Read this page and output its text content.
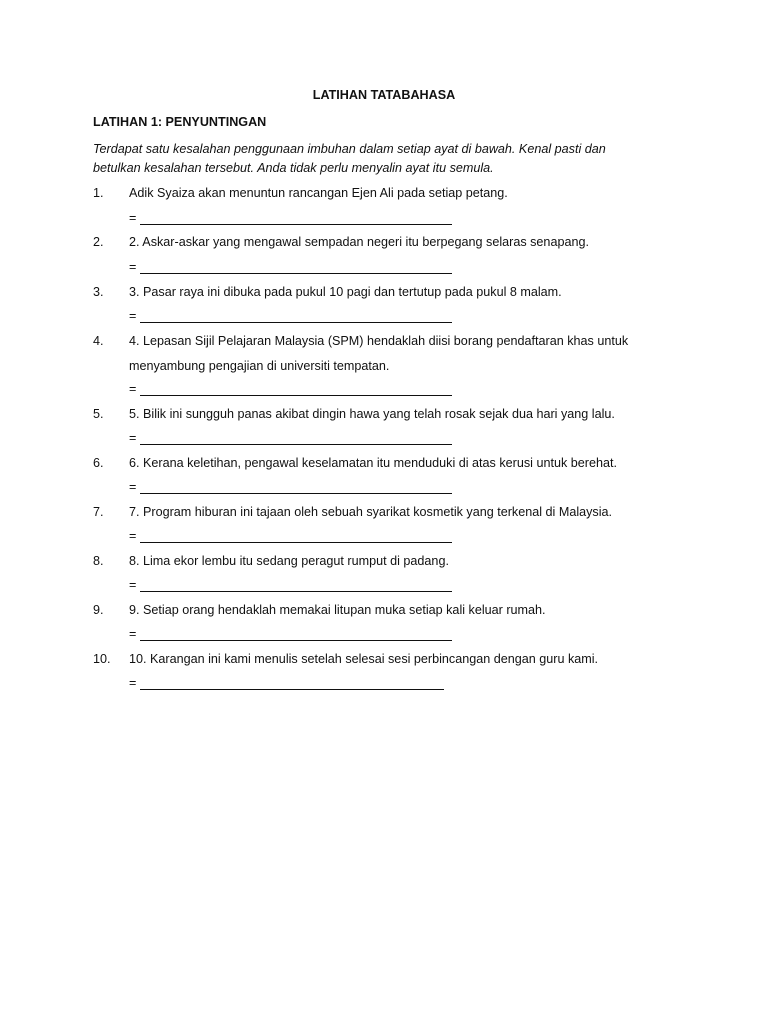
LATIHAN TATABAHASA
LATIHAN 1: PENYUNTINGAN
Terdapat satu kesalahan penggunaan imbuhan dalam setiap ayat di bawah. Kenal pasti dan betulkan kesalahan tersebut. Anda tidak perlu menyalin ayat itu semula.
1. Adik Syaiza akan menuntun rancangan Ejen Ali pada setiap petang.
=
2. 2. Askar-askar yang mengawal sempadan negeri itu berpegang selaras senapang.
=
3. 3. Pasar raya ini dibuka pada pukul 10 pagi dan tertutup pada pukul 8 malam.
=
4. 4. Lepasan Sijil Pelajaran Malaysia (SPM) hendaklah diisi borang pendaftaran khas untuk menyambung pengajian di universiti tempatan.
=
5. 5. Bilik ini sungguh panas akibat dingin hawa yang telah rosak sejak dua hari yang lalu.
=
6. 6. Kerana keletihan, pengawal keselamatan itu menduduki di atas kerusi untuk berehat.
=
7. 7. Program hiburan ini tajaan oleh sebuah syarikat kosmetik yang terkenal di Malaysia.
=
8. 8. Lima ekor lembu itu sedang peragut rumput di padang.
=
9. 9. Setiap orang hendaklah memakai litupan muka setiap kali keluar rumah.
=
10. 10. Karangan ini kami menulis setelah selesai sesi perbincangan dengan guru kami.
=
